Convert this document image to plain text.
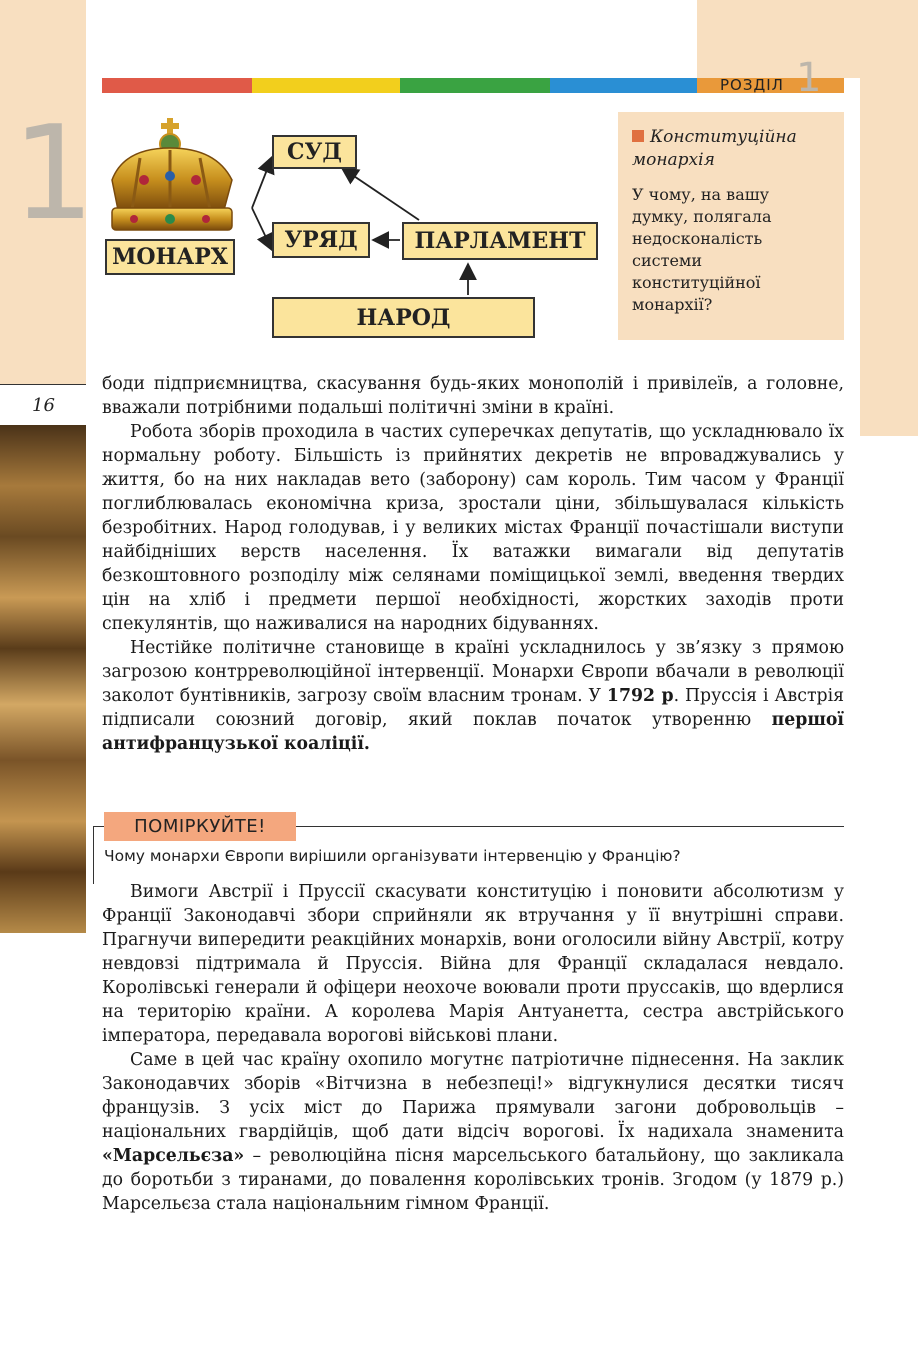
1
РОЗДІЛ 1
16
СУД
УРЯД	ПАРЛАМЕНТ
МОНАРХ
НАРОД
Конституційна монархія
У чому, на вашу думку, полягала недосконалість системи конституційної монархії?

боди підприємництва, скасування будь-яких монополій і привілеїв, а головне, вважали потрібними подальші політичні зміни в країні.

Робота зборів проходила в частих суперечках депутатів, що ускладнювало їх нормальну роботу. Більшість із прийнятих декретів не впроваджувались у життя, бо на них накладав вето (заборону) сам король. Тим часом у Франції поглиблювалась економічна криза, зростали ціни, збільшувалася кількість безробітних. Народ голодував, і у великих містах Франції почастішали виступи найбідніших верств населення. Їх ватажки вимагали від депутатів безкоштовного розподілу між селянами поміщицької землі, введення твердих цін на хліб і предмети першої необхідності, жорстких заходів проти спекулянтів, що наживалися на народних бідуваннях.

Нестійке політичне становище в країні ускладнилось у зв’язку з прямою загрозою контрреволюційної інтервенції. Монархи Європи вбачали в революції заколот бунтівників, загрозу своїм власним тронам. У 1792 р. Пруссія і Австрія підписали союзний договір, який поклав початок утворенню першої антифранцузької коаліції.

ПОМІРКУЙТЕ!
Чому монархи Європи вирішили організувати інтервенцію у Францію?

Вимоги Австрії і Пруссії скасувати конституцію і поновити абсолютизм у Франції Законодавчі збори сприйняли як втручання у її внутрішні справи. Прагнучи випередити реакційних монархів, вони оголосили війну Австрії, котру невдовзі підтримала й Пруссія. Війна для Франції складалася невдало. Королівські генерали й офіцери неохоче воювали проти пруссаків, що вдерлися на територію країни. А королева Марія Антуанетта, сестра австрійського імператора, передавала ворогові військові плани.

Саме в цей час країну охопило могутнє патріотичне піднесення. На заклик Законодавчих зборів «Вітчизна в небезпеці!» відгукнулися десятки тисяч французів. З усіх міст до Парижа прямували загони добровольців – національних гвардійців, щоб дати відсіч ворогові. Їх надихала знаменита «Марсельєза» – революційна пісня марсельського батальйону, що закликала до боротьби з тиранами, до повалення королівських тронів. Згодом (у 1879 р.) Марсельєза стала національним гімном Франції.
